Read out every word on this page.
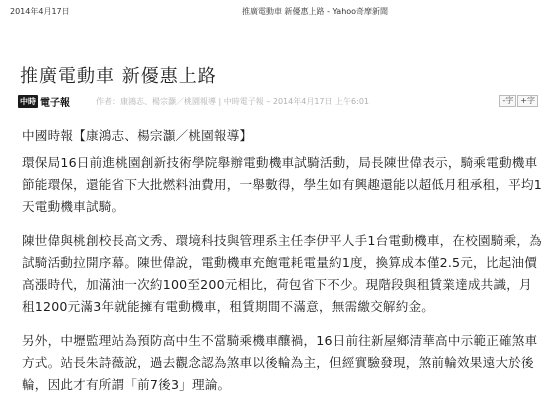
2014年4月17日	推廣電動車 新優惠上路 - Yahoo奇摩新聞
推廣電動車 新優惠上路
中時 電子報	作者：康鴻志、楊宗灝／桃園報導 | 中時電子報 – 2014年4月17日 上午6:01	-字 +字

中國時報【康鴻志、楊宗灝／桃園報導】

環保局16日前進桃園創新技術學院舉辦電動機車試騎活動，局長陳世偉表示，騎乘電動機車節能環保，還能省下大批燃料油費用，一舉數得，學生如有興趣還能以超低月租承租，平均1天電動機車試騎。

陳世偉與桃創校長高文秀、環境科技與管理系主任李伊平人手1台電動機車，在校園騎乘，為試騎活動拉開序幕。陳世偉說，電動機車充飽電耗電量約1度，換算成本僅2.5元，比起油價高漲時代，加滿油一次約100至200元相比，荷包省下不少。現階段與租賃業達成共識，月租1200元滿3年就能擁有電動機車，租賃期間不滿意，無需繳交解約金。

另外，中壢監理站為預防高中生不當騎乘機車釀禍，16日前往新屋鄉清華高中示範正確煞車方式。站長朱詩薇說，過去觀念認為煞車以後輪為主，但經實驗發現，煞前輪效果遠大於後輪，因此才有所謂「前7後3」理論。
